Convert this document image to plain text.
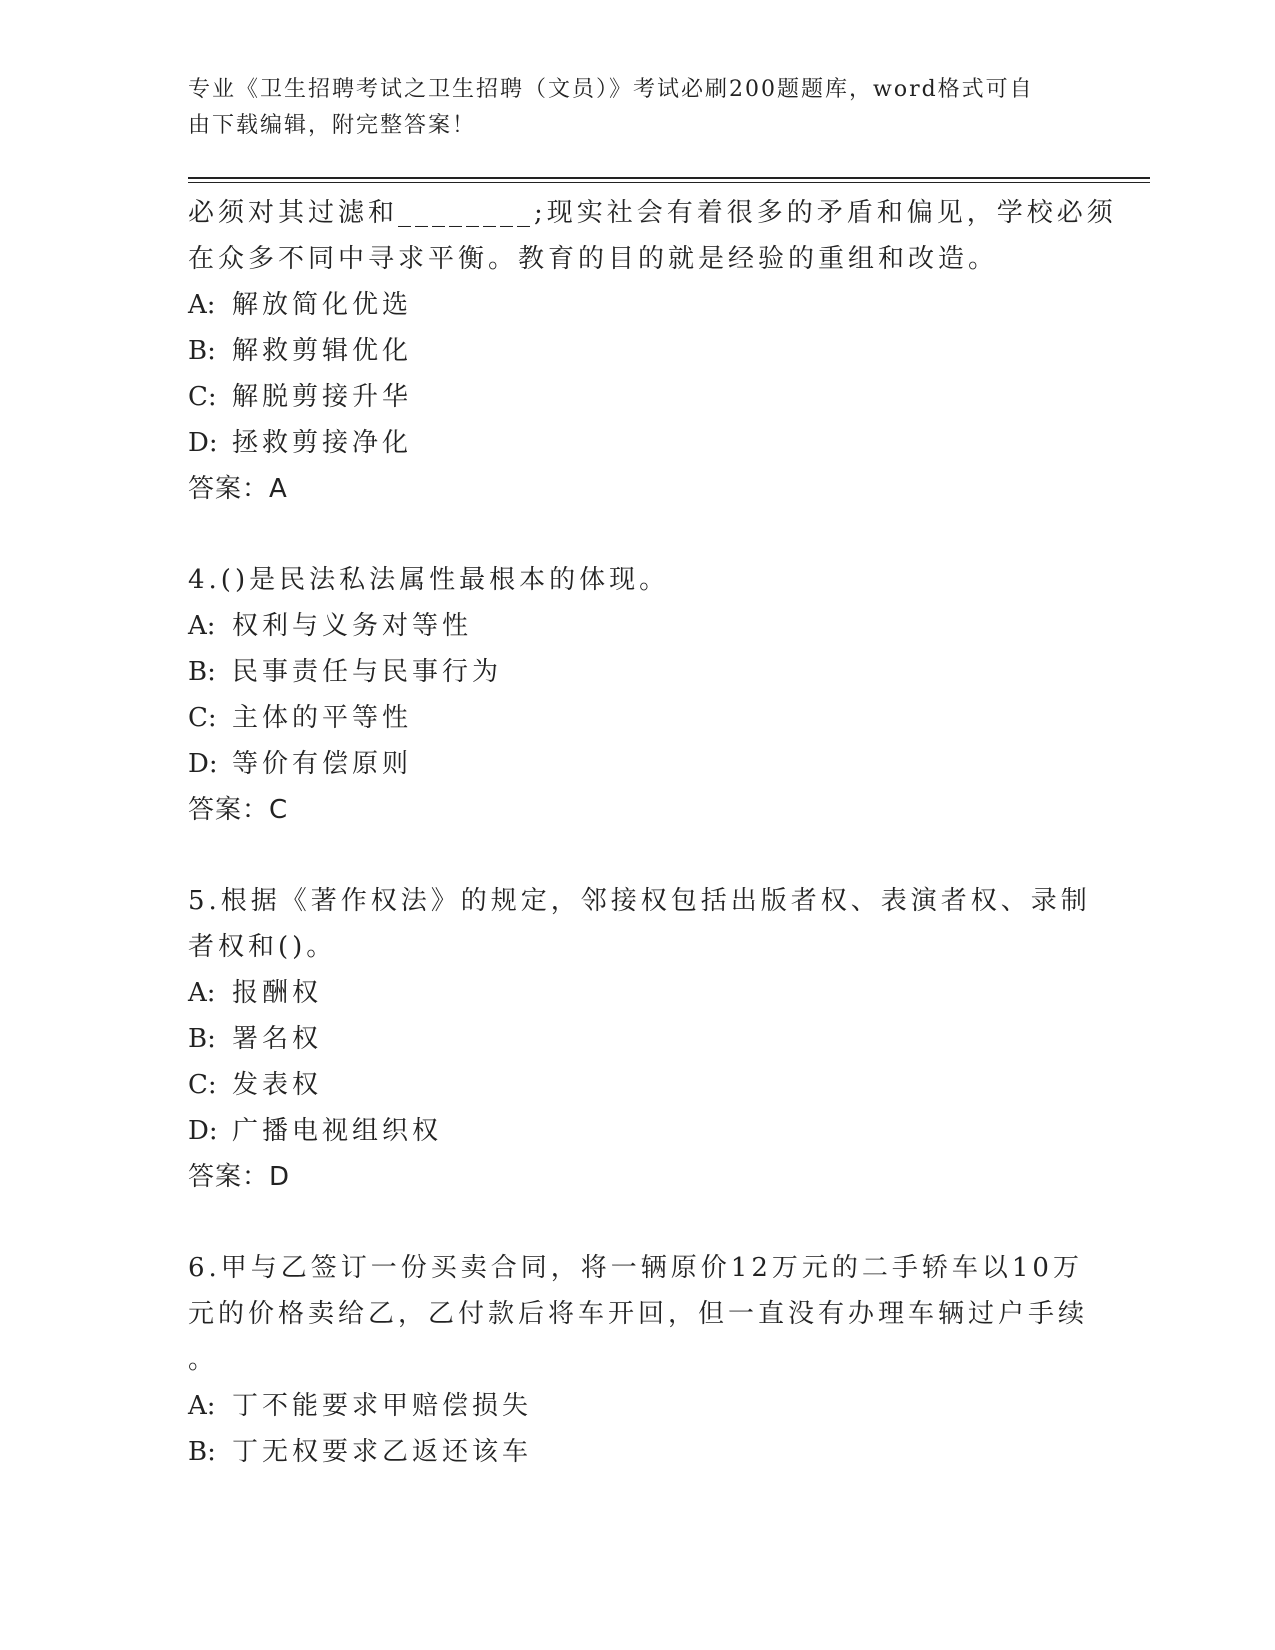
专业《卫生招聘考试之卫生招聘（文员）》考试必刷200题题库，word格式可自
由下载编辑，附完整答案！
必须对其过滤和________;现实社会有着很多的矛盾和偏见，学校必须
在众多不同中寻求平衡。教育的目的就是经验的重组和改造。
A: 解放简化优选
B: 解救剪辑优化
C: 解脱剪接升华
D: 拯救剪接净化
答案：A
4.()是民法私法属性最根本的体现。
A: 权利与义务对等性
B: 民事责任与民事行为
C: 主体的平等性
D: 等价有偿原则
答案：C
5.根据《著作权法》的规定，邻接权包括出版者权、表演者权、录制
者权和()。
A: 报酬权
B: 署名权
C: 发表权
D: 广播电视组织权
答案：D
6.甲与乙签订一份买卖合同，将一辆原价12万元的二手轿车以10万
元的价格卖给乙，乙付款后将车开回，但一直没有办理车辆过户手续
。
A: 丁不能要求甲赔偿损失
B: 丁无权要求乙返还该车
